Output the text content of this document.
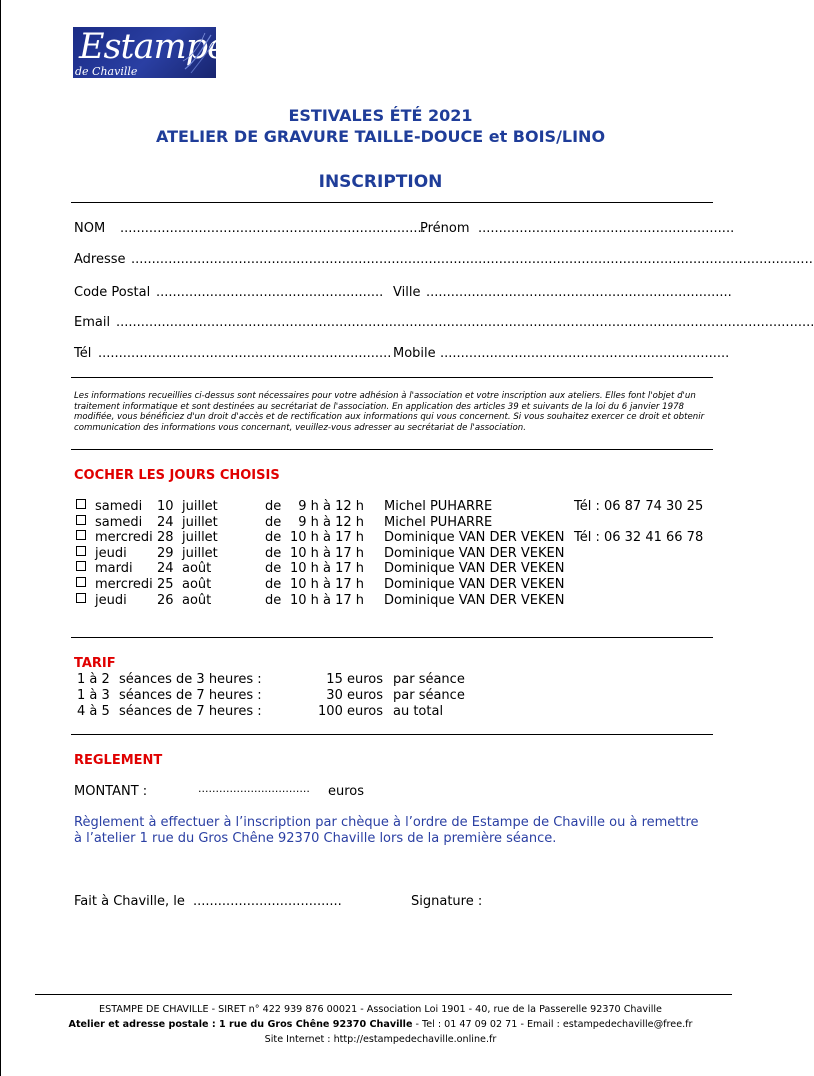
Estampe
de Chaville
ESTIVALES ÉTÉ 2021
ATELIER DE GRAVURE TAILLE-DOUCE et BOIS/LINO
INSCRIPTION
NOM ..........................................................................
Prénom ..............................................................
Adresse .....................................................................................................................................................................
Code Postal ....................................................... Ville ..........................................................................
Email .........................................................................................................................................................................
Tél ....................................................................... Mobile ......................................................................
Les informations recueillies ci-dessus sont nécessaires pour votre adhésion à l'association et votre inscription aux ateliers. Elles font l'objet d'un traitement informatique et sont destinées au secrétariat de l'association. En application des articles 39 et suivants de la loi du 6 janvier 1978 modifiée, vous bénéficiez d'un droit d'accès et de rectification aux informations qui vous concernent. Si vous souhaitez exercer ce droit et obtenir communication des informations vous concernant, veuillez-vous adresser au secrétariat de l'association.
COCHER LES JOURS CHOISIS
samedi 10 juillet	de 9 h à 12 h Michel PUHARRE	Tél : 06 87 74 30 25
samedi 24 juillet	de 9 h à 12 h Michel PUHARRE
mercredi 28 juillet	de 10 h à 17 h Dominique VAN DER VEKEN Tél : 06 32 41 66 78
jeudi 29 juillet	de 10 h à 17 h Dominique VAN DER VEKEN
mardi 24 août	de 10 h à 17 h Dominique VAN DER VEKEN
mercredi 25 août	de 10 h à 17 h Dominique VAN DER VEKEN
jeudi 26 août	de 10 h à 17 h Dominique VAN DER VEKEN
TARIF
1 à 2 séances de 3 heures :	15 euros par séance
1 à 3 séances de 7 heures :	30 euros par séance
4 à 5 séances de 7 heures :	100 euros au total
REGLEMENT
MONTANT :	................................ euros
Règlement à effectuer à l’inscription par chèque à l’ordre de Estampe de Chaville ou à remettre à l’atelier 1 rue du Gros Chêne 92370 Chaville lors de la première séance.
Fait à Chaville, le ....................................	Signature :
ESTAMPE DE CHAVILLE - SIRET n° 422 939 876 00021 - Association Loi 1901 - 40, rue de la Passerelle 92370 Chaville
Atelier et adresse postale : 1 rue du Gros Chêne 92370 Chaville - Tel : 01 47 09 02 71 - Email : estampedechaville@free.fr
Site Internet : http://estampedechaville.online.fr
